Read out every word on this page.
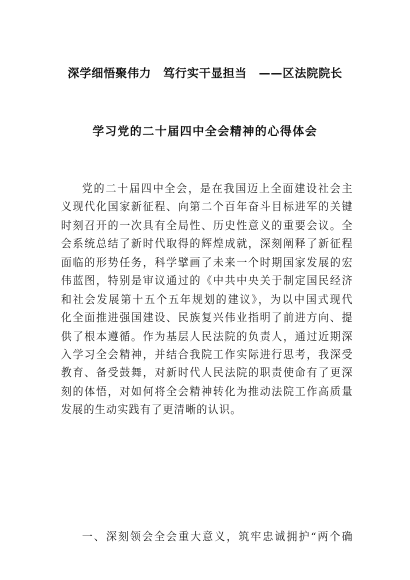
深学细悟聚伟力　笃行实干显担当　——区法院院长
学习党的二十届四中全会精神的心得体会
党的二十届四中全会，是在我国迈上全面建设社会主
义现代化国家新征程、向第二个百年奋斗目标进军的关键
时刻召开的一次具有全局性、历史性意义的重要会议。全
会系统总结了新时代取得的辉煌成就，深刻阐释了新征程
面临的形势任务，科学擘画了未来一个时期国家发展的宏
伟蓝图，特别是审议通过的《中共中央关于制定国民经济
和社会发展第十五个五年规划的建议》，为以中国式现代
化全面推进强国建设、民族复兴伟业指明了前进方向、提
供了根本遵循。作为基层人民法院的负责人，通过近期深
入学习全会精神，并结合我院工作实际进行思考，我深受
教育、备受鼓舞，对新时代人民法院的职责使命有了更深
刻的体悟，对如何将全会精神转化为推动法院工作高质量
发展的生动实践有了更清晰的认识。
一、深刻领会全会重大意义，筑牢忠诚拥护“两个确
